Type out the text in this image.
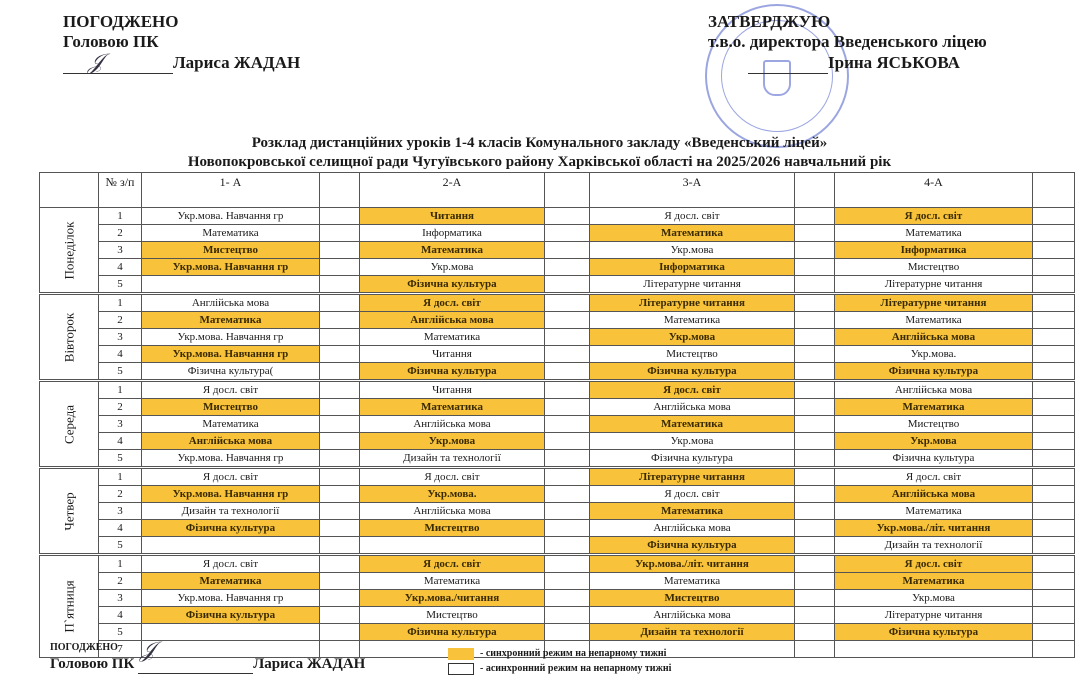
ПОГОДЖЕНО
Головою ПК
Лариса ЖАДАН
𝒥
ЗАТВЕРДЖУЮ
т.в.о. директора Введенського ліцею
Ірина ЯСЬКОВА
Розклад дистанційних уроків 1-4 класів Комунального закладу «Введенський ліцей»
Новопокровської селищної ради Чугуївського району Харківської області на 2025/2026 навчальний рік
	№ з/п	1- А		2-А		3-А		4-А	

Понеділок	1	Укр.мова. Навчання гр		Читання		Я досл. світ		Я досл. світ	
	2	Математика		Інформатика		Математика		Математика	
	3	Мистецтво		Математика		Укр.мова		Інформатика	
	4	Укр.мова. Навчання гр		Укр.мова		Інформатика		Мистецтво	
	5			Фізична культура		Літературне читання		Літературне читання	

Вівторок	1	Англійська мова		Я досл. світ		Літературне читання		Літературне читання	
	2	Математика		Англійська мова		Математика		Математика	
	3	Укр.мова. Навчання гр		Математика		Укр.мова		Англійська мова	
	4	Укр.мова. Навчання гр		Читання		Мистецтво		Укр.мова.	
	5	Фізична культура(		Фізична культура		Фізична культура		Фізична культура	

Середа	1	Я досл. світ		Читання		Я досл. світ		Англійська мова	
	2	Мистецтво		Математика		Англійська мова		Математика	
	3	Математика		Англійська мова		Математика		Мистецтво	
	4	Англійська мова		Укр.мова		Укр.мова		Укр.мова	
	5	Укр.мова. Навчання гр		Дизайн та технології		Фізична культура		Фізична культура	

Четвер	1	Я досл. світ		Я досл. світ		Літературне читання		Я досл. світ	
	2	Укр.мова. Навчання гр		Укр.мова.		Я досл. світ		Англійська мова	
	3	Дизайн та технології		Англійська мова		Математика		Математика	
	4	Фізична культура		Мистецтво		Англійська мова		Укр.мова./літ. читання	
	5					Фізична культура		Дизайн та технології	

П`ятниця	1	Я досл. світ		Я досл. світ		Укр.мова./літ. читання		Я досл. світ	
	2	Математика		Математика		Математика		Математика	
	3	Укр.мова. Навчання гр		Укр.мова./читання		Мистецтво		Укр.мова	
	4	Фізична культура		Мистецтво		Англійська мова		Літературне читання	
	5			Фізична культура		Дизайн та технології		Фізична культура	
	7								
ПОГОДЖЕНО
Головою ПК	Лариса ЖАДАН
𝒥	- синхронний режим на непарному тижні
- асинхронний режим на непарному тижні
